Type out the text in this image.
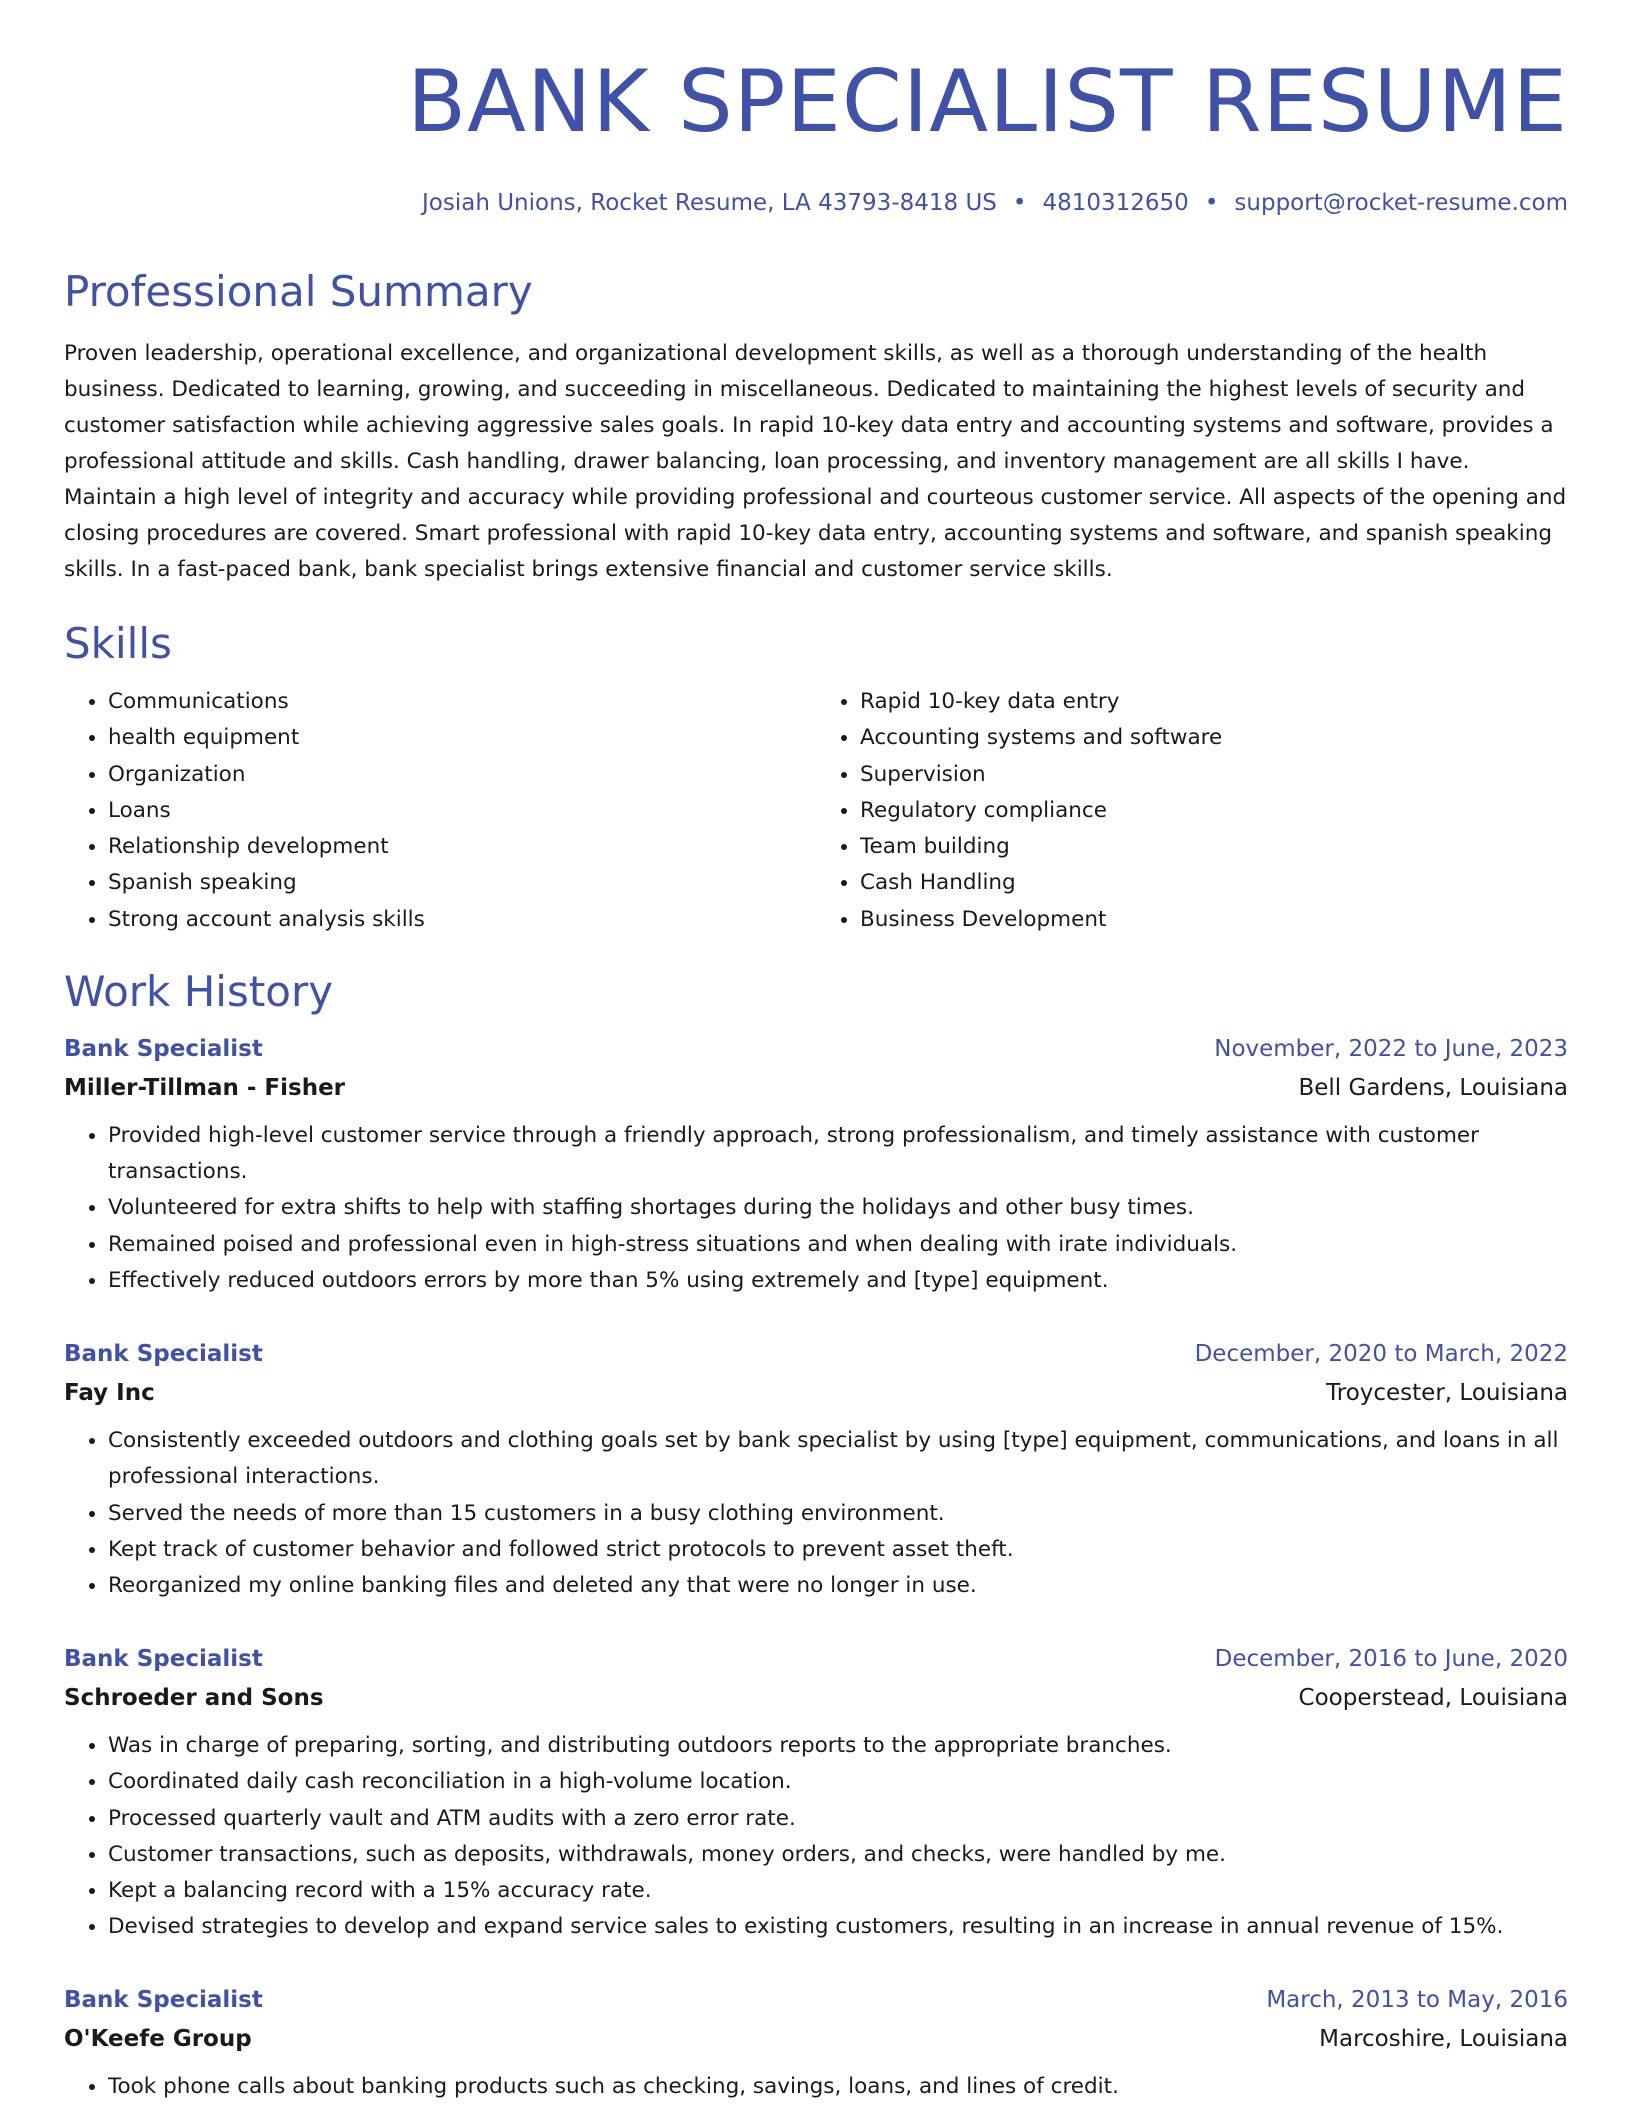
BANK SPECIALIST RESUME
Josiah Unions, Rocket Resume, LA 43793-8418 US • 4810312650 • support@rocket-resume.com
Professional Summary

Proven leadership, operational excellence, and organizational development skills, as well as a thorough understanding of the health business. Dedicated to learning, growing, and succeeding in miscellaneous. Dedicated to maintaining the highest levels of security and customer satisfaction while achieving aggressive sales goals. In rapid 10-key data entry and accounting systems and software, provides a professional attitude and skills. Cash handling, drawer balancing, loan processing, and inventory management are all skills I have. Maintain a high level of integrity and accuracy while providing professional and courteous customer service. All aspects of the opening and closing procedures are covered. Smart professional with rapid 10-key data entry, accounting systems and software, and spanish speaking skills. In a fast-paced bank, bank specialist brings extensive financial and customer service skills.

Skills
• Communications
• health equipment
• Organization
• Loans
• Relationship development
• Spanish speaking
• Strong account analysis skills
• Rapid 10-key data entry
• Accounting systems and software
• Supervision
• Regulatory compliance
• Team building
• Cash Handling
• Business Development
Work History
Bank Specialist	November, 2022 to June, 2023
Miller-Tillman - Fisher	Bell Gardens, Louisiana
• Provided high-level customer service through a friendly approach, strong professionalism, and timely assistance with customer transactions.
• Volunteered for extra shifts to help with staffing shortages during the holidays and other busy times.
• Remained poised and professional even in high-stress situations and when dealing with irate individuals.
• Effectively reduced outdoors errors by more than 5% using extremely and [type] equipment.
Bank Specialist	December, 2020 to March, 2022
Fay Inc	Troycester, Louisiana
• Consistently exceeded outdoors and clothing goals set by bank specialist by using [type] equipment, communications, and loans in all professional interactions.
• Served the needs of more than 15 customers in a busy clothing environment.
• Kept track of customer behavior and followed strict protocols to prevent asset theft.
• Reorganized my online banking files and deleted any that were no longer in use.
Bank Specialist	December, 2016 to June, 2020
Schroeder and Sons	Cooperstead, Louisiana
• Was in charge of preparing, sorting, and distributing outdoors reports to the appropriate branches.
• Coordinated daily cash reconciliation in a high-volume location.
• Processed quarterly vault and ATM audits with a zero error rate.
• Customer transactions, such as deposits, withdrawals, money orders, and checks, were handled by me.
• Kept a balancing record with a 15% accuracy rate.
• Devised strategies to develop and expand service sales to existing customers, resulting in an increase in annual revenue of 15%.
Bank Specialist	March, 2013 to May, 2016
O'Keefe Group	Marcoshire, Louisiana
• Took phone calls about banking products such as checking, savings, loans, and lines of credit.
